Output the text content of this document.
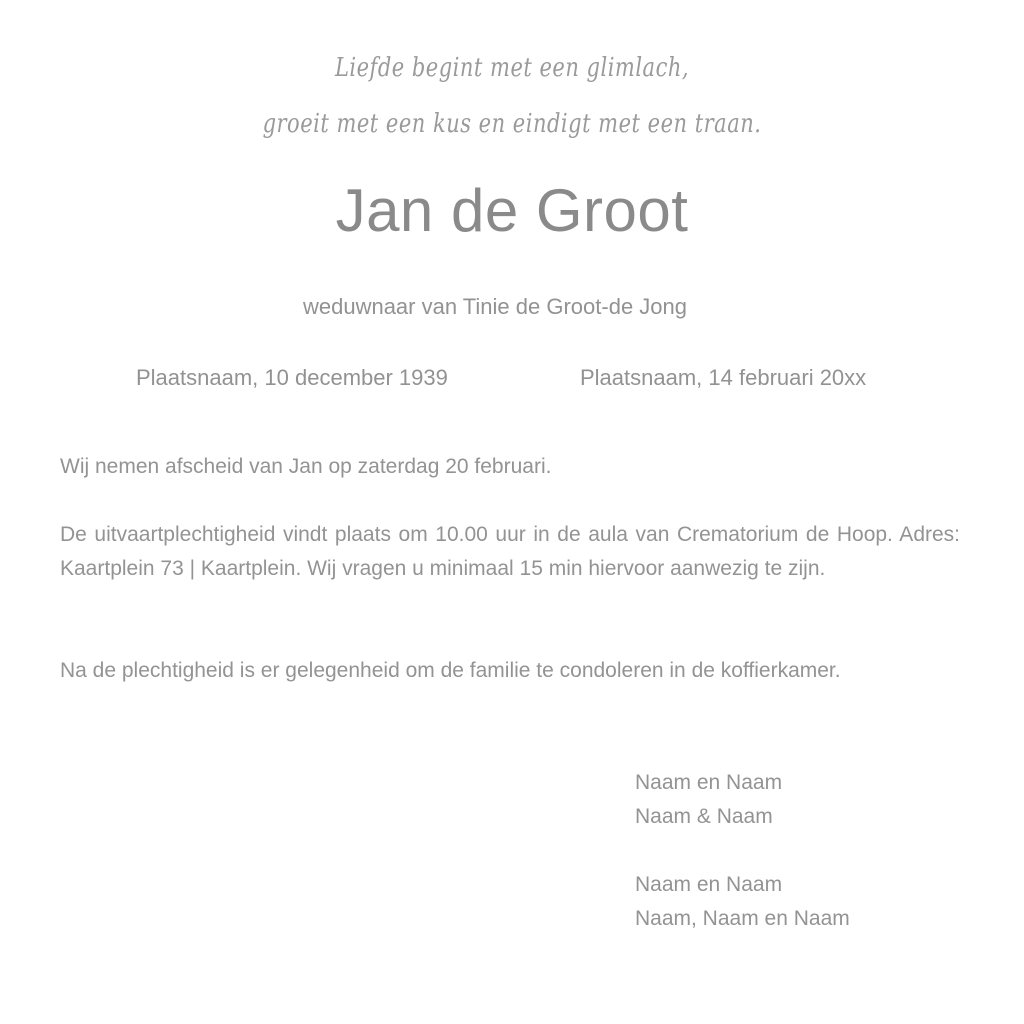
Liefde begint met een glimlach,
groeit met een kus en eindigt met een traan.
Jan de Groot
weduwnaar van Tinie de Groot-de Jong
Plaatsnaam, 10 december 1939	Plaatsnaam, 14 februari 20xx

Wij nemen afscheid van Jan op zaterdag 20 februari.

De uitvaartplechtigheid vindt plaats om 10.00 uur in de aula van Crematorium de Hoop. Adres: Kaartplein 73 | Kaartplein. Wij vragen u minimaal 15 min hiervoor aanwezig te zijn.

Na de plechtigheid is er gelegenheid om de familie te condoleren in de koffierkamer.

Naam en Naam
Naam & Naam
Naam en Naam
Naam, Naam en Naam
